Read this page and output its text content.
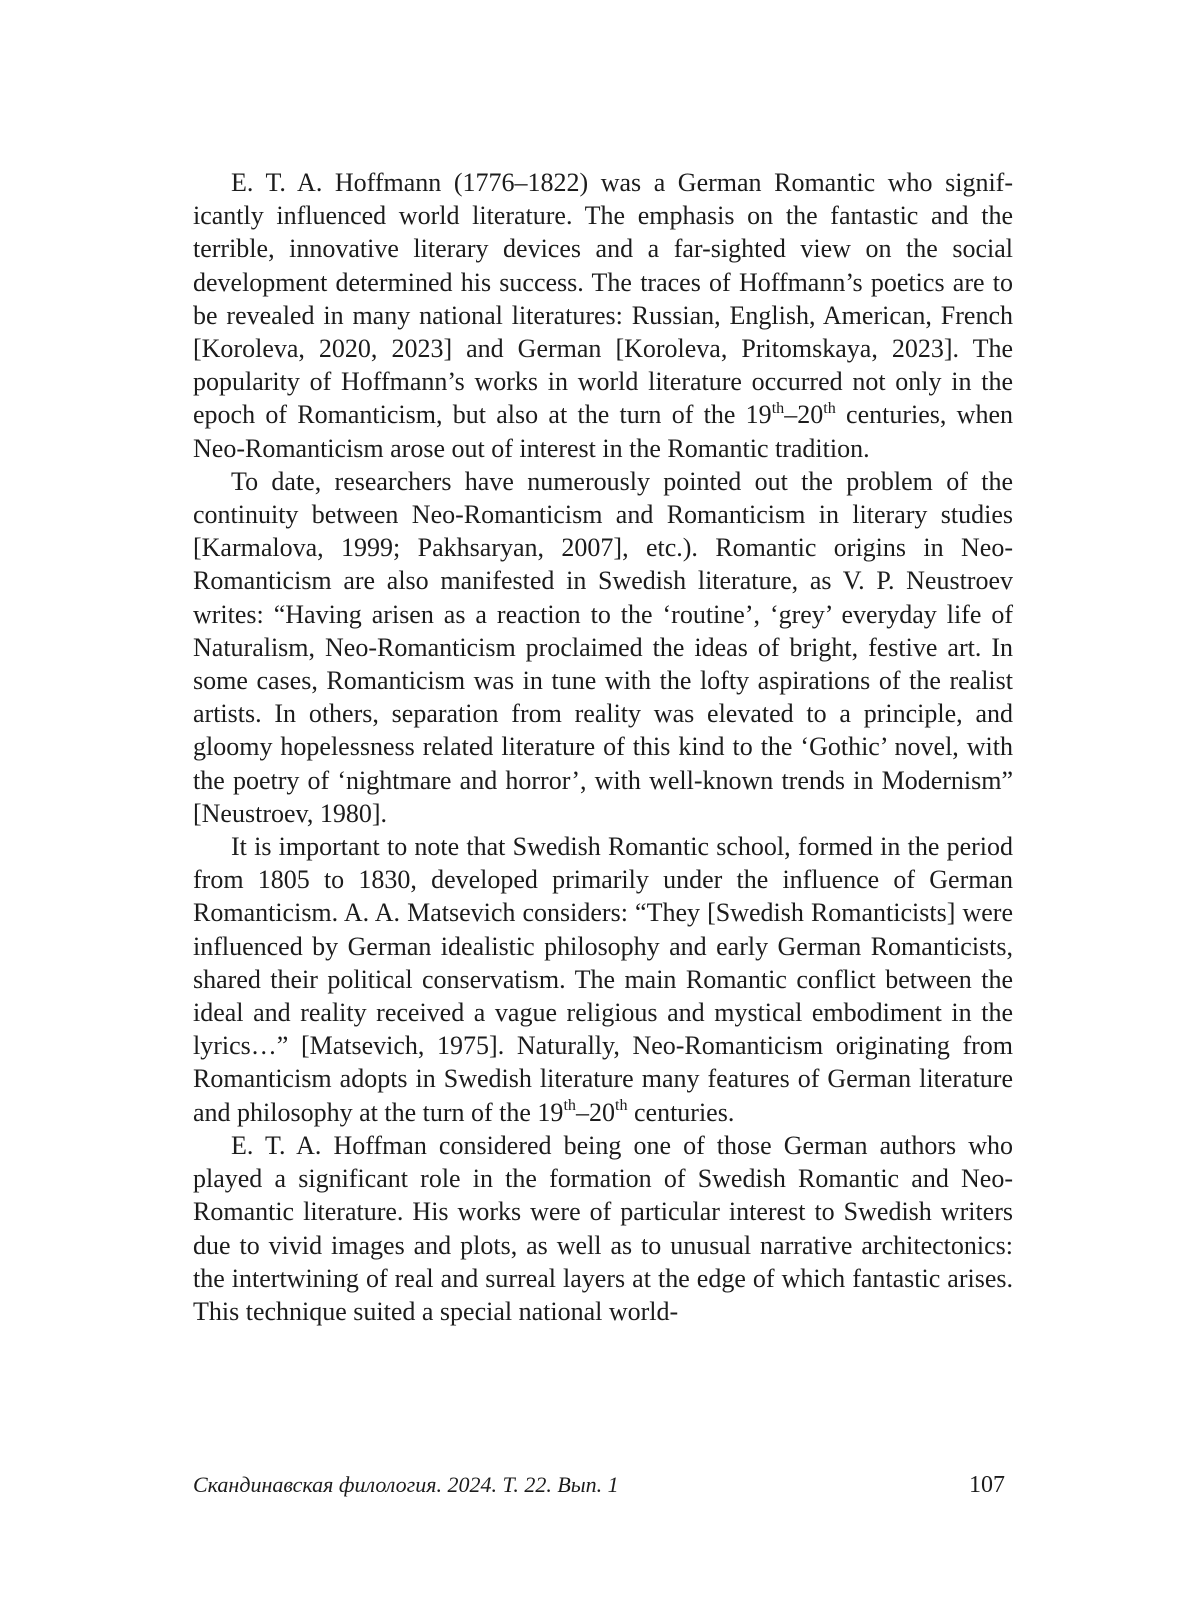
E. T. A. Hoffmann (1776–1822) was a German Romantic who significantly influenced world literature. The emphasis on the fantastic and the terrible, innovative literary devices and a far-sighted view on the social development determined his success. The traces of Hoffmann’s poetics are to be revealed in many national literatures: Russian, English, American, French [Koroleva, 2020, 2023] and German [Koroleva, Pritomskaya, 2023]. The popularity of Hoffmann’s works in world literature occurred not only in the epoch of Romanticism, but also at the turn of the 19th–20th centuries, when Neo-Romanticism arose out of interest in the Romantic tradition.

To date, researchers have numerously pointed out the problem of the continuity between Neo-Romanticism and Romanticism in literary studies [Karmalova, 1999; Pakhsaryan, 2007], etc.). Romantic origins in Neo-Romanticism are also manifested in Swedish literature, as V. P. Neustroev writes: “Having arisen as a reaction to the ‘routine’, ‘grey’ everyday life of Naturalism, Neo-Romanticism proclaimed the ideas of bright, festive art. In some cases, Romanticism was in tune with the lofty aspirations of the realist artists. In others, separation from reality was elevated to a principle, and gloomy hopelessness related literature of this kind to the ‘Gothic’ novel, with the poetry of ‘nightmare and horror’, with well-known trends in Modernism” [Neustroev, 1980].

It is important to note that Swedish Romantic school, formed in the period from 1805 to 1830, developed primarily under the influence of German Romanticism. A. A. Matsevich considers: “They [Swedish Romanticists] were influenced by German idealistic philosophy and early German Romanticists, shared their political conservatism. The main Romantic conflict between the ideal and reality received a vague religious and mystical embodiment in the lyrics…” [Matsevich, 1975]. Naturally, Neo-Romanticism originating from Romanticism adopts in Swedish literature many features of German literature and philosophy at the turn of the 19th–20th centuries.

E. T. A. Hoffman considered being one of those German authors who played a significant role in the formation of Swedish Romantic and Neo-Romantic literature. His works were of particular interest to Swedish writers due to vivid images and plots, as well as to unusual narrative architectonics: the intertwining of real and surreal layers at the edge of which fantastic arises. This technique suited a special national world-

Скандинавская филология. 2024. Т. 22. Вып. 1	107
